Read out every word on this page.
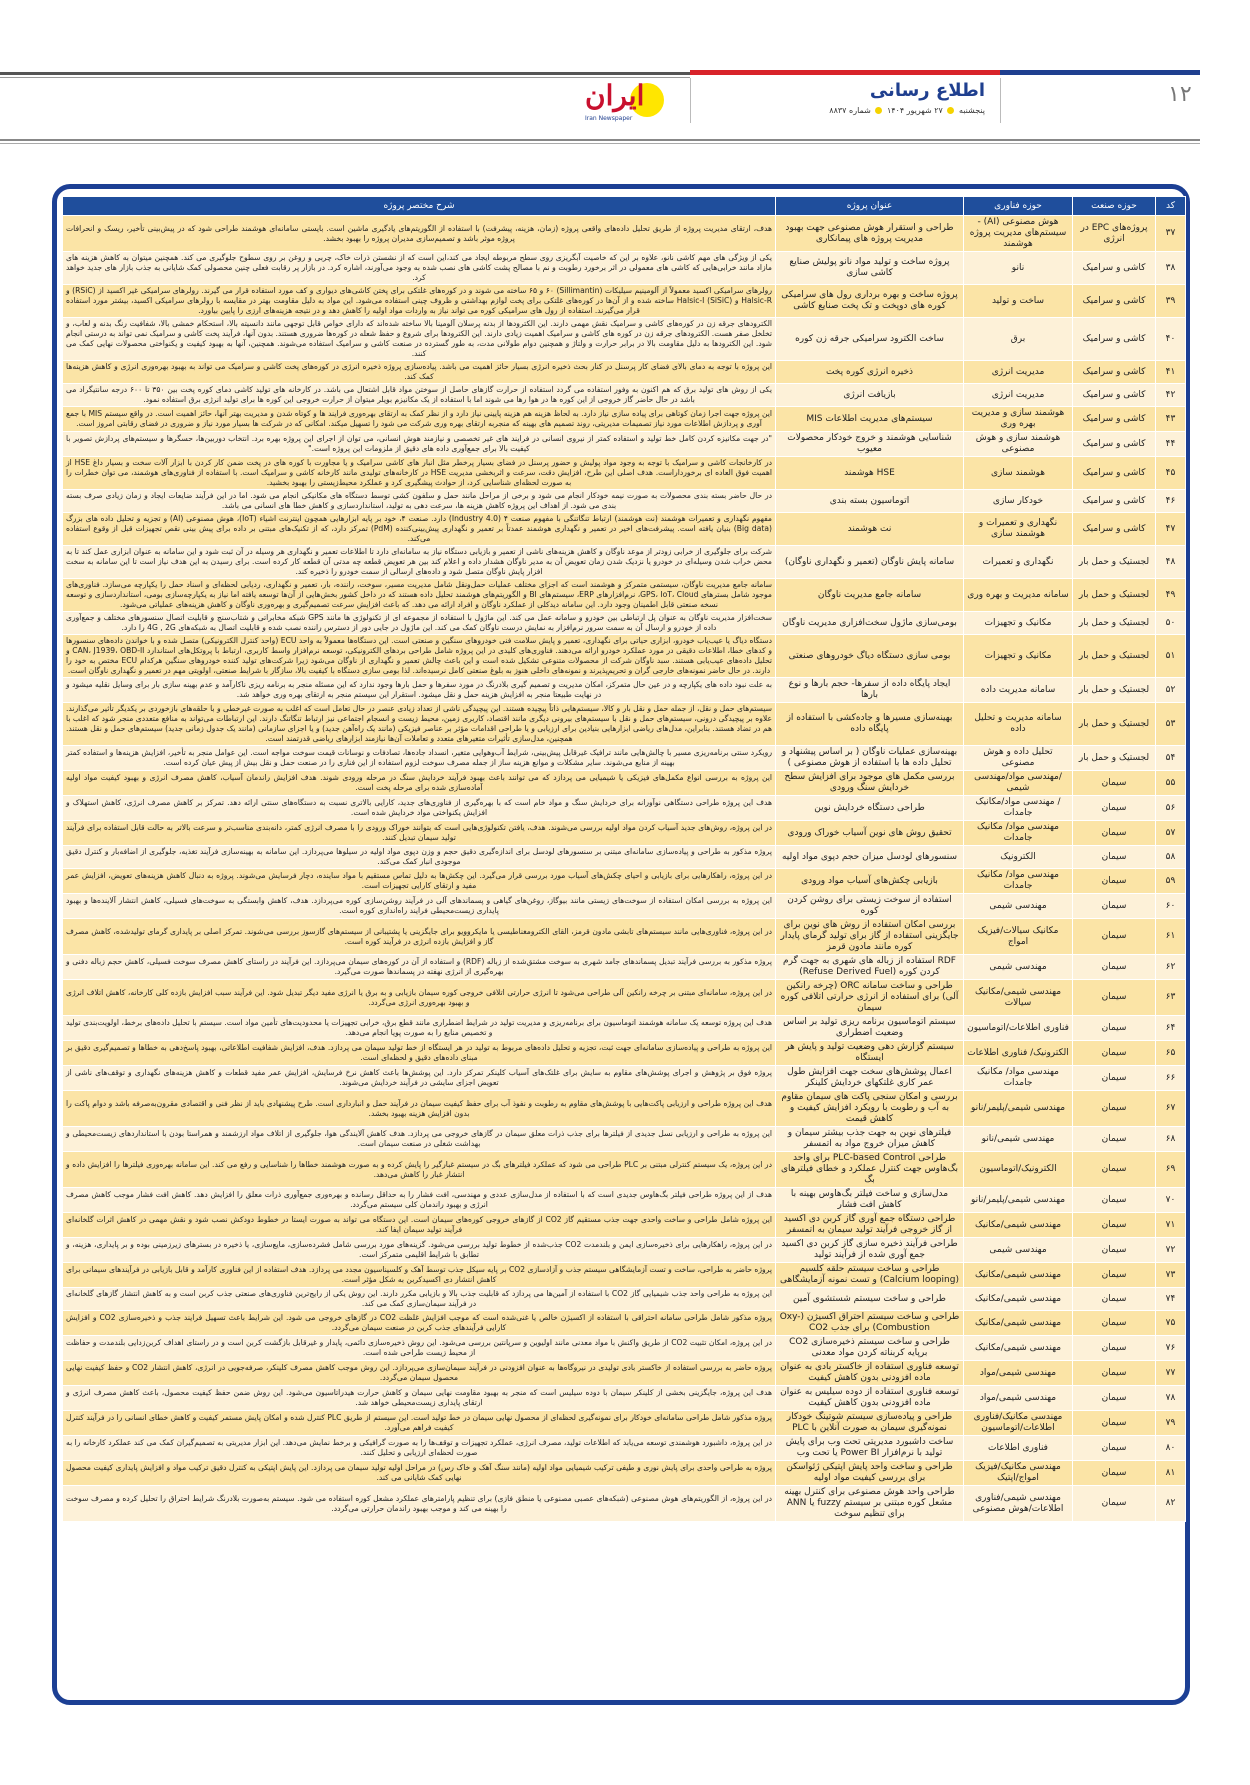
۱۲
اطلاع رسانی
پنجشنبه  ۲۷ شهریور ۱۴۰۴  شماره ۸۸۳۷
ایران
Iran Newspaper
کد	حوزه صنعت	حوزه فناوری	عنوان پروژه	شرح مختصر پروژه
۳۷	پروژه‌های EPC در انرژی	هوش مصنوعی (AI) - سیستم‌های مدیریت پروژه هوشمند	طراحی و استقرار هوش مصنوعی جهت بهبود مدیریت پروژه های پیمانکاری	هدف، ارتقای مدیریت پروژه از طریق تحلیل داده‌های واقعی پروژه (زمان، هزینه، پیشرفت) با استفاده از الگوریتم‌های یادگیری ماشین است. بایستی سامانه‌ای هوشمند طراحی شود که در پیش‌بینی تأخیر، ریسک و انحرافات پروژه موثر باشد و تصمیم‌سازی مدیران پروژه را بهبود بخشد.
۳۸	کاشی و سرامیک	نانو	پروژه ساخت و تولید مواد نانو پولیش صنایع کاشی سازی	یکی از ویژگی های مهم کاشی نانو، علاوه بر این که خاصیت آبگریزی روی سطح مربوطه ایجاد می کند،این است که از نشستن ذرات خاک، چربی و روغن بر روی سطوح جلوگیری می کند. همچنین میتوان به کاهش هزینه های مازاد مانند خرابی‌هایی که کاشی های معمولی در اثر برخورد رطوبت و نم با مصالح پشت کاشی های نصب شده به وجود می‌آورند، اشاره کرد. در بازار پر رقابت فعلی چنین محصولی کمک شایانی به جذب بازار های جدید خواهد کرد.
۳۹	کاشی و سرامیک	ساخت و تولید	پروژه ساخت و بهره برداری رول های سرامیکی کوره های دوپخت و تک پخت صنایع کاشی	رولرهای سرامیکی اکسید معمولاً از آلومینیم سیلیکات (Sillimantin) ۶۰ و ۶۵ ساخته می شوند و در کوره‌های غلتکی برای پختن کاشی‌های دیواری و کف مورد استفاده قرار می گیرند. رولرهای سرامیکی غیر اکسید از (RSiC) و Halsic-R و (SiSiC) Halsic-I ساخته شده و از آن‌ها در کوره‌های غلتکی برای پخت لوازم بهداشتی و ظروف چینی استفاده می‌شود. این مواد به دلیل مقاومت بهتر در مقایسه با رولرهای سرامیکی اکسید، بیشتر مورد استفاده قرار می‌گیرند. استفاده از رول های سرامیکی کوره می تواند نیاز به واردات مواد اولیه را کاهش دهد و در نتیجه هزینه‌های ارزی را پایین بیاورد.
۴۰	کاشی و سرامیک	برق	ساخت الکترود سرامیکی جرقه زن کوره	الکترودهای جرقه زن در کوره‌های کاشی و سرامیک نقش مهمی دارند. این الکترودها از بدنه پرسلان آلومینا بالا ساخته شده‌اند که دارای خواص قابل توجهی مانند دانسیته بالا، استحکام خمشی بالا، شفافیت رنگ بدنه و لعاب، و تخلخل صفر هست. الکترودهای جرقه زن در کوره های کاشی و سرامیک اهمیت زیادی دارند. این الکترودها برای شروع و حفظ شعله در کوره‌ها ضروری هستند. بدون آنها، فرآیند پخت کاشی و سرامیک نمی تواند به درستی انجام شود. این الکترودها به دلیل مقاومت بالا در برابر حرارت و ولتاژ و همچنین دوام طولانی مدت، به طور گسترده در صنعت کاشی و سرامیک استفاده می‌شوند. همچنین، آنها به بهبود کیفیت و یکنواختی محصولات نهایی کمک می کنند.
۴۱	کاشی و سرامیک	مدیریت انرژی	ذخیره انرژی کوره پخت	این پروژه با توجه به دمای بالای فضای کار پرسنل در کنار بحث ذخیره انرژی بسیار حائز اهمیت می باشد. پیاده‌سازی پروژه ذخیره انرژی در کوره‌های پخت کاشی و سرامیک می تواند به بهبود بهره‌وری انرژی و کاهش هزینه‌ها کمک کند.
۴۲	کاشی و سرامیک	مدیریت انرژی	بازیافت انرژی	یکی از روش های تولید برق که هم اکنون به وفور استفاده می گردد استفاده از حرارت گازهای حاصل از سوختن مواد قابل اشتعال می باشد. در کارخانه های تولید کاشی دمای کوره پخت بین ۳۵۰ تا ۶۰۰ درجه سانتیگراد می باشد در حال حاضر گاز خروجی از این کوره ها در هوا رها می شوند اما با استفاده از یک مکانیزم بویلر میتوان از حرارت خروجی این کوره ها برای تولید انرژی برق استفاده نمود.
۴۳	کاشی و سرامیک	هوشمند سازی و مدیریت بهره وری	سیستم‌های مدیریت اطلاعات MIS	این پروژه جهت اجرا زمان کوتاهی برای پیاده سازی نیاز دارد. به لحاظ هزینه هم هزینه پایینی نیاز دارد و از نظر کمک به ارتقای بهره‌وری فرایند ها و کوتاه شدن و مدیریت بهتر آنها، حائز اهمیت است. در واقع سیستم MIS با جمع آوری و پردازش اطلاعات مورد نیاز تصمیمات مدیریتی، روند تصمیم های بهینه که منجربه ارتقای بهره وری شرکت می شود را تسهیل میکند. امکانی که در شرکت ها بسیار مورد نیاز و ضروری در فضای رقابتی امروز است.
۴۴	کاشی و سرامیک	هوشمند سازی و هوش مصنوعی	شناسایی هوشمند و خروج خودکار محصولات معیوب	"در جهت مکانیزه کردن کامل خط تولید و استفاده کمتر از نیروی انسانی در فرایند های غیر تخصصی و نیازمند هوش انسانی، می توان از اجرای این پروژه بهره برد. انتخاب دوربین‌ها، حسگرها و سیستم‌های پردازش تصویر با کیفیت بالا برای جمع‌آوری داده های دقیق از ملزومات این پروژه است."
۴۵	کاشی و سرامیک	هوشمند سازی	HSE هوشمند	در کارخانجات کاشی و سرامیک با توجه به وجود مواد پولیش و حضور پرسنل در فضای بسیار پرخطر مثل انبار های کاشی سرامیک و یا مجاورت با کوره های در پخت ضمن کار کردن با ابزار آلات سخت و بسیار داغ HSE از اهمیت فوق العاده ای برخورداراست. هدف اصلی این طرح، افزایش دقت، سرعت و اثربخشی مدیریت HSE در کارخانه‌های تولیدی مانند کارخانه کاشی و سرامیک است. با استفاده از فناوری‌های هوشمند، می توان خطرات را به صورت لحظه‌ای شناسایی کرد، از حوادث پیشگیری کرد و عملکرد محیط‌زیستی را بهبود بخشید.
۴۶	کاشی و سرامیک	خودکار سازی	اتوماسیون بسته بندی	در حال حاضر بسته بندی محصولات به صورت نیمه خودکار انجام می شود و برخی از مراحل مانند حمل و سلفون کشی توسط دستگاه های مکانیکی انجام می شود. اما در این فرآیند ضایعات ایجاد و زمان زیادی صرف بسته بندی می شود. از اهداف این پروژه کاهش هزینه ها، سرعت دهی به تولید، استانداردسازی و کاهش خطا های انسانی می باشد.
۴۷	کاشی و سرامیک	نگهداری و تعمیرات و هوشمند سازی	نت هوشمند	مفهوم نگهداری و تعمیرات هوشمند (نت هوشمند) ارتباط تنگاتنگی با مفهوم صنعت ۴ (Industry 4.0) دارد. صنعت ۴، خود بر پایه ابزارهایی همچون اینترنت اشیاء (IoT)، هوش مصنوعی (AI) و تجزیه و تحلیل داده های بزرگ (Big data) بنیان یافته است. پیشرفت‌های اخیر در تعمیر و نگهداری هوشمند عمدتاً بر تعمیر و نگهداری پیش‌بینی‌کننده (PdM) تمرکز دارد، که از تکنیک‌های مبتنی بر داده برای پیش بینی نقص تجهیزات قبل از وقوع استفاده می‌کند.
۴۸	لجستیک و حمل بار	نگهداری و تعمیرات	سامانه پایش ناوگان (تعمیر و نگهداری ناوگان)	شرکت برای جلوگیری از خرابی زودتر از موعد ناوگان و کاهش هزینه‌های ناشی از تعمیر و بازیابی دستگاه نیاز به سامانه‌ای دارد تا اطلاعات تعمیر و نگهداری هر وسیله در آن ثبت شود و این سامانه به عنوان ابزاری عمل کند تا به محض خراب شدن وسیله‌ای در خودرو یا نزدیک شدن زمان تعویض آن به مدیر ناوگان هشدار داده و اعلام کند بین هر تعویض قطعه چه مدتی آن قطعه کار کرده است. برای رسیدن به این هدف نیاز است تا این سامانه به سخت افزار پایش ناوگان متصل شود و داده‌های ارسالی از سمت خودرو را ذخیره کند.
۴۹	لجستیک و حمل بار	سامانه مدیریت و بهره وری	سامانه جامع مدیریت ناوگان	سامانه جامع مدیریت ناوگان، سیستمی متمرکز و هوشمند است که اجزای مختلف عملیات حمل‌ونقل شامل مدیریت مسیر، سوخت، راننده، بار، تعمیر و نگهداری، ردیابی لحظه‌ای و اسناد حمل را یکپارچه می‌سازد. فناوری‌های موجود شامل بسترهای GPS، IoT، Cloud، نرم‌افزارهای ERP، سیستم‌های BI و الگوریتم‌های هوشمند تحلیل داده هستند که در داخل کشور بخش‌هایی از آن‌ها توسعه یافته اما نیاز به یکپارچه‌سازی بومی، استانداردسازی و توسعه نسخه صنعتی قابل اطمینان وجود دارد. این سامانه دیدکلی از عملکرد ناوگان و افراد ارائه می دهد. که باعث افزایش سرعت تصمیم‌گیری و بهره‌وری ناوگان و کاهش هزینه‌های عملیاتی می‌شود.
۵۰	لجستیک و حمل بار	مکانیک و تجهیزات	بومی‌سازی ماژول سخت‌افزاری مدیریت ناوگان	سخت‌افزار مدیریت ناوگان به عنوان پل ارتباطی بین خودرو و سامانه عمل می کند. این ماژول با استفاده از مجموعه ای از تکنولوژی ها مانند GPS شبکه مخابراتی و شتاب‌سنج و قابلیت اتصال سنسورهای مختلف و جمع‌آوری داده از خودرو و ارسال آن به سمت سرور نرم‌افزار به نمایش درست ناوگان کمک می کند. این ماژول در جایی دور از دسترس راننده نصب شده و قابلیت اتصال به شبکه‌های 4G , 2G را دارد.
۵۱	لجستیک و حمل بار	مکانیک و تجهیزات	بومی سازی دستگاه دیاگ خودروهای صنعتی	دستگاه دیاگ یا عیب‌یاب خودرو، ابزاری حیاتی برای نگهداری، تعمیر و پایش سلامت فنی خودروهای سنگین و صنعتی است. این دستگاه‌ها معمولاً به واحد ECU (واحد کنترل الکترونیکی) متصل شده و با خواندن داده‌های سنسورها و کدهای خطا، اطلاعات دقیقی در مورد عملکرد خودرو ارائه می‌دهند. فناوری‌های کلیدی در این پروژه شامل طراحی بردهای الکترونیکی، توسعه نرم‌افزار واسط کاربری، ارتباط با پروتکل‌های استاندارد CAN، J1939، OBD-II و تحلیل داده‌های عیب‌یابی هستند. سبد ناوگان شرکت از محصولات متنوعی تشکیل شده است و این باعث چالش تعمیر و نگهداری از ناوگان می‌شود زیرا شرکت‌های تولید کننده خودروهای سنگین هرکدام ECU مختص به خود را دارند. در حال حاضر نمونه‌های خارجی گران و تحریم‌پذیرند و نمونه‌های داخلی هنوز به بلوغ صنعتی کامل نرسیده‌اند. لذا بومی سازی دستگاه با کیفیت بالا، سازگار با شرایط صنعتی، اولویتی مهم در تعمیر و نگهداری ناوگان است.
۵۲	لجستیک و حمل بار	سامانه مدیریت داده	ایجاد پایگاه داده از سفرها- حجم بارها و نوع بارها	به علت نبود داده های یکپارچه و در عین حال متمرکز، امکان مدیریت و تصمیم گیری بلادرنگ در مورد سفرها و حمل بارها وجود ندارد که این مسئله منجر به برنامه ریزی ناکارآمد و عدم بهینه سازی بار برای وسایل نقلیه میشود و در نهایت طبیعتا منجر به افزایش هزینه حمل و نقل میشود. استقرار این سیستم منجر به ارتقای بهره وری خواهد شد.
۵۳	لجستیک و حمل بار	سامانه مدیریت و تحلیل داده	بهینه‌سازی مسیرها و جاده‌کشی با استفاده از پایگاه داده	سیستم‌های حمل و نقل، از جمله حمل و نقل بار و کالا، سیستم‌هایی ذاتاً پیچیده هستند. این پیچیدگی ناشی از تعداد زیادی عنصر در حال تعامل است که اغلب به صورت غیرخطی و با حلقه‌های بازخوردی بر یکدیگر تأثیر می‌گذارند. علاوه بر پیچیدگی درونی، سیستم‌های حمل و نقل با سیستم‌های بیرونی دیگری مانند اقتصاد، کاربری زمین، محیط زیست و انسجام اجتماعی نیز ارتباط تنگاتنگ دارند. این ارتباطات می‌تواند به منافع متعددی منجر شود که اغلب با هم در تضاد هستند. بنابراین، مدل‌های ریاضی ابزارهایی بنیادین برای ارزیابی و یا طراحی اقدامات مؤثر بر عناصر فیزیکی (مانند یک راه‌آهن جدید) و یا اجزای سازمانی (مانند یک جدول زمانی جدید) سیستم‌های حمل و نقل هستند. همچنین، مدل‌سازی تأثیرات متغیرهای متعدد و تعاملات آن‌ها نیازمند ابزارهای ریاضی قدرتمند است.
۵۴	لجستیک و حمل بار	تحلیل داده و هوش مصنوعی	بهینه‌سازی عملیات ناوگان ( بر اساس پیشنهاد و تحلیل داده ها با استفاده از هوش مصنوعی )	رویکرد سنتی برنامه‌ریزی مسیر با چالش‌هایی مانند ترافیک غیرقابل پیش‌بینی، شرایط آب‌وهوایی متغیر، انسداد جاده‌ها، تصادفات و نوسانات قیمت سوخت مواجه است. این عوامل منجر به تأخیر، افزایش هزینه‌ها و استفاده کمتر بهینه از منابع می‌شوند. سایر مشکلات و موانع هزینه ساز از جمله مصرف سوخت لزوم استفاده از این فناری را در صنعت حمل و نقل بیش از پیش عیان کرده است.
۵۵	سیمان	/مهندسی مواد/مهندسی شیمی	بررسی مکمل های موجود برای افزایش سطح خردایش سنگ ورودی	این پروژه به بررسی انواع مکمل‌های فیزیکی یا شیمیایی می پردازد که می توانند باعث بهبود فرآیند خردایش سنگ در مرحله ورودی شوند. هدف افزایش راندمان آسیاب، کاهش مصرف انرژی و بهبود کیفیت مواد اولیه آماده‌سازی شده برای مرحله پخت است.
۵۶	سیمان	/ مهندسی مواد/مکانیک جامدات	طراحی دستگاه خردایش نوین	هدف این پروژه طراحی دستگاهی نوآورانه برای خردایش سنگ و مواد خام است که با بهره‌گیری از فناوری‌های جدید، کارایی بالاتری نسبت به دستگاه‌های سنتی ارائه دهد. تمرکز بر کاهش مصرف انرژی، کاهش استهلاک و افزایش یکنواختی مواد خردایش شده است.
۵۷	سیمان	مهندسی مواد/ مکانیک جامدات	تحقیق روش های نوین آسیاب خوراک ورودی	در این پروژه، روش‌های جدید آسیاب کردن مواد اولیه بررسی می‌شوند. هدف، یافتن تکنولوژی‌هایی است که بتوانند خوراک ورودی را با مصرف انرژی کمتر، دانه‌بندی مناسب‌تر و سرعت بالاتر به حالت قابل استفاده برای فرآیند تولید سیمان تبدیل کنند.
۵۸	سیمان	الکترونیک	سنسورهای لودسل میزان حجم دپوی مواد اولیه	پروژه مذکور به طراحی و پیاده‌سازی سامانه‌ای مبتنی بر سنسورهای لودسل برای اندازه‌گیری دقیق حجم و وزن دپوی مواد اولیه در سیلوها می‌پردازد. این سامانه به بهینه‌سازی فرآیند تغذیه، جلوگیری از اضافه‌بار و کنترل دقیق موجودی انبار کمک می‌کند.
۵۹	سیمان	مهندسی مواد/ مکانیک جامدات	بازیابی چکش‌های آسیاب مواد ورودی	در این پروژه، راهکارهایی برای بازیابی و احیای چکش‌های آسیاب مورد بررسی قرار می‌گیرد. این چکش‌ها به دلیل تماس مستقیم با مواد ساینده، دچار فرسایش می‌شوند. پروژه به دنبال کاهش هزینه‌های تعویض، افزایش عمر مفید و ارتقای کارایی تجهیزات است.
۶۰	سیمان	مهندسی شیمی	استفاده از سوخت زیستی برای روشن کردن کوره	این پروژه به بررسی امکان استفاده از سوخت‌های زیستی مانند بیوگاز، روغن‌های گیاهی و پسماندهای آلی در فرآیند روشن‌سازی کوره می‌پردازد. هدف، کاهش وابستگی به سوخت‌های فسیلی، کاهش انتشار آلاینده‌ها و بهبود پایداری زیست‌محیطی فرایند راه‌اندازی کوره است.
۶۱	سیمان	مکانیک سیالات/فیزیک امواج	بررسی امکان استفاده از روش های نوین برای جایگزینی استفاده از گاز برای تولید گرمای پایدار کوره مانند مادون قرمز	در این پروژه، فناوری‌هایی مانند سیستم‌های تابشی مادون قرمز، القای الکترومغناطیسی یا مایکروویو برای جایگزینی یا پشتیبانی از سیستم‌های گازسوز بررسی می‌شوند. تمرکز اصلی بر پایداری گرمای تولیدشده، کاهش مصرف گاز و افزایش بازده انرژی در فرآیند کوره است.
۶۲	سیمان	مهندسی شیمی	RDF استفاده از زباله های شهری به جهت گرم کردن کوره (Refuse Derived Fuel)	پروژه مذکور به بررسی فرآیند تبدیل پسماندهای جامد شهری به سوخت مشتق‌شده از زباله (RDF) و استفاده از آن در کوره‌های سیمان می‌پردازد. این فرآیند در راستای کاهش مصرف سوخت فسیلی، کاهش حجم زباله دفنی و بهره‌گیری از انرژی نهفته در پسماندها صورت می‌گیرد.
۶۳	سیمان	مهندسی شیمی/مکانیک سیالات	طراحی و ساخت سامانه ORC (چرخه رانکین آلی) برای استفاده از انرژی حرارتی اتلافی کوره سیمان	در این پروژه، سامانه‌ای مبتنی بر چرخه رانکین آلی طراحی می‌شود تا انرژی حرارتی اتلافی خروجی کوره سیمان بازیابی و به برق یا انرژی مفید دیگر تبدیل شود. این فرآیند سبب افزایش بازده کلی کارخانه، کاهش اتلاف انرژی و بهبود بهره‌وری انرژی می‌گردد.
۶۴	سیمان	فناوری اطلاعات/اتوماسیون	سیستم اتوماسیون برنامه ریزی تولید بر اساس وضعیت اضطراری	هدف این پروژه توسعه یک سامانه هوشمند اتوماسیون برای برنامه‌ریزی و مدیریت تولید در شرایط اضطراری مانند قطع برق، خرابی تجهیزات یا محدودیت‌های تأمین مواد است. سیستم با تحلیل داده‌های برخط، اولویت‌بندی تولید و تخصیص منابع را به صورت پویا انجام می‌دهد.
۶۵	سیمان	الکترونیک/ فناوری اطلاعات	سیستم گزارش دهی وضعیت تولید و پایش هر ایستگاه	این پروژه به طراحی و پیاده‌سازی سامانه‌ای جهت ثبت، تجزیه و تحلیل داده‌های مربوط به تولید در هر ایستگاه از خط تولید سیمان می پردازد. هدف، افزایش شفافیت اطلاعاتی، بهبود پاسخ‌دهی به خطاها و تصمیم‌گیری دقیق بر مبنای داده‌های دقیق و لحظه‌ای است.
۶۶	سیمان	مهندسی مواد/ مکانیک جامدات	اعمال پوشش‌های سخت جهت افزایش طول عمر کاری غلتکهای خردایش کلینکر	پروژه فوق بر پژوهش و اجرای پوشش‌های مقاوم به سایش برای غلتک‌های آسیاب کلینکر تمرکز دارد. این پوشش‌ها باعث کاهش نرخ فرسایش، افزایش عمر مفید قطعات و کاهش هزینه‌های نگهداری و توقف‌های ناشی از تعویض اجزای سایشی در فرآیند خردایش می‌شوند.
۶۷	سیمان	مهندسی شیمی/پلیمر/نانو	بررسی و امکان سنجی پاکت های سیمان مقاوم به آب و رطوبت با رویکرد افزایش کیفیت و کاهش قیمت	هدف این پروژه طراحی و ارزیابی پاکت‌هایی با پوشش‌های مقاوم به رطوبت و نفوذ آب برای حفظ کیفیت سیمان در فرآیند حمل و انبارداری است. طرح پیشنهادی باید از نظر فنی و اقتصادی مقرون‌به‌صرفه باشد و دوام پاکت را بدون افزایش هزینه بهبود بخشد.
۶۸	سیمان	مهندسی شیمی/نانو	فیلترهای نوین به جهت جذب بیشتر سیمان و کاهش میزان خروج مواد به اتمسفر	این پروژه به طراحی و ارزیابی نسل جدیدی از فیلترها برای جذب ذرات معلق سیمان در گازهای خروجی می پردازد. هدف کاهش آلایندگی هوا، جلوگیری از اتلاف مواد ارزشمند و همراستا بودن با استانداردهای زیست‌محیطی و بهداشت شغلی در صنعت سیمان است.
۶۹	سیمان	الکترونیک/اتوماسیون	طراحی PLC-based Control برای واحد بگ‌هاوس جهت کنترل عملکرد و خطای فیلترهای بگ	در این پروژه، یک سیستم کنترلی مبتنی بر PLC طراحی می شود که عملکرد فیلترهای بگ در سیستم غبارگیر را پایش کرده و به صورت هوشمند خطاها را شناسایی و رفع می کند. این سامانه بهره‌وری فیلترها را افزایش داده و انتشار غبار را کاهش می‌دهد.
۷۰	سیمان	مهندسی شیمی/پلیمر/نانو	مدل‌سازی و ساخت فیلتر بگ‌هاوس بهینه با کاهش افت فشار	هدف از این پروژه طراحی فیلتر بگ‌هاوس جدیدی است که با استفاده از مدل‌سازی عددی و مهندسی، افت فشار را به حداقل رسانده و بهره‌وری جمع‌آوری ذرات معلق را افزایش دهد. کاهش افت فشار موجب کاهش مصرف انرژی و بهبود راندمان کلی سیستم می‌گردد.
۷۱	سیمان	مهندسی شیمی/مکانیک	طراحی دستگاه جمع آوری گاز کربن دی اکسید از گاز خروجی فرآیند تولید سیمان به اتمسفر	این پروژه شامل طراحی و ساخت واحدی جهت جذب مستقیم گاز CO2 از گازهای خروجی کوره‌های سیمان است. این دستگاه می تواند به صورت ایستا در خطوط دودکش نصب شود و نقش مهمی در کاهش اثرات گلخانه‌ای فرآیند تولید سیمان ایفا کند.
۷۲	سیمان	مهندسی شیمی	طراحی فرآیند ذخیره سازی گاز کربن دی اکسید جمع آوری شده از فرآیند تولید	در این پروژه، راهکارهایی برای ذخیره‌سازی ایمن و بلندمدت CO2 جذب‌شده از خطوط تولید بررسی می‌شود. گزینه‌های مورد بررسی شامل فشرده‌سازی، مایع‌سازی، یا ذخیره در بسترهای زیرزمینی بوده و بر پایداری، هزینه، و تطابق با شرایط اقلیمی متمرکز است.
۷۳	سیمان	مهندسی شیمی/مکانیک	طراحی و ساخت سیستم حلقه کلسیم (Calcium looping) و تست نمونه آزمایشگاهی	پروژه حاضر به طراحی، ساخت و تست آزمایشگاهی سیستم جذب و آزادسازی CO2 بر پایه سیکل جذب توسط آهک و کلسیناسیون مجدد می پردازد. هدف استفاده از این فناوری کارآمد و قابل بازیابی در فرآیندهای سیمانی برای کاهش انتشار دی اکسیدکربن به شکل مؤثر است.
۷۴	سیمان	مهندسی شیمی/مکانیک	طراحی و ساخت سیستم شستشوی آمین	این پروژه به طراحی واحد جذب شیمیایی گاز CO2 با استفاده از آمین‌ها می پردازد که قابلیت جذب بالا و بازیابی مکرر دارند. این روش یکی از رایج‌ترین فناوری‌های صنعتی جذب کربن است و به کاهش انتشار گازهای گلخانه‌ای در فرآیند سیمان‌سازی کمک می کند.
۷۵	سیمان	مهندسی شیمی/مکانیک	طراحی و ساخت سیستم احتراق اکسیژن (Oxy-Combustion) برای جذب CO2	پروژه مذکور شامل طراحی سامانه احتراقی با استفاده از اکسیژن خالص یا غنی‌شده است که موجب افزایش غلظت CO2 در گازهای خروجی می شود. این شرایط باعث تسهیل فرایند جذب و ذخیره‌سازی CO2 و افزایش کارایی فرآیندهای جذب کربن در صنعت سیمان می‌گردد.
۷۶	سیمان	مهندسی شیمی/مکانیک	طراحی و ساخت سیستم ذخیره‌سازی CO2 برپایه کربناته کردن مواد معدنی	در این پروژه، امکان تثبیت CO2 از طریق واکنش با مواد معدنی مانند اولیوین و سرپانتین بررسی می‌شود. این روش ذخیره‌سازی دائمی، پایدار و غیرقابل بازگشت کربن است و در راستای اهداف کربن‌زدایی بلندمدت و حفاظت از محیط زیست طراحی شده است.
۷۷	سیمان	مهندسی شیمی/مواد	توسعه فناوری استفاده از خاکستر بادی به عنوان ماده افزودنی بدون کاهش کیفیت	پروژه حاضر به بررسی استفاده از خاکستر بادی تولیدی در نیروگاه‌ها به عنوان افزودنی در فرآیند سیمان‌سازی می‌پردازد. این روش موجب کاهش مصرف کلینکر، صرفه‌جویی در انرژی، کاهش انتشار CO2 و حفظ کیفیت نهایی محصول سیمان می‌گردد.
۷۸	سیمان	مهندسی شیمی/مواد	توسعه فناوری استفاده از دوده سیلیس به عنوان ماده افزودنی بدون کاهش کیفیت	هدف این پروژه، جایگزینی بخشی از کلینکر سیمان با دوده سیلیس است که منجر به بهبود مقاومت نهایی سیمان و کاهش حرارت هیدراتاسیون می‌شود. این روش ضمن حفظ کیفیت محصول، باعث کاهش مصرف انرژی و ارتقای پایداری زیست‌محیطی خواهد شد.
۷۹	سیمان	مهندسی مکانیک/فناوری اطلاعات/اتوماسیون	طراحی و پیاده‌سازی سیستم شوتینگ خودکار نمونه‌گیری سیمان به صورت آنلاین با PLC	پروژه مذکور شامل طراحی سامانه‌ای خودکار برای نمونه‌گیری لحظه‌ای از محصول نهایی سیمان در خط تولید است. این سیستم از طریق PLC کنترل شده و امکان پایش مستمر کیفیت و کاهش خطای انسانی را در فرآیند کنترل کیفیت فراهم می‌آورد.
۸۰	سیمان	فناوری اطلاعات	ساخت داشبورد مدیریتی تحت وب برای پایش تولید با نرم‌افزار Power BI یا تحت وب	در این پروژه، داشبورد هوشمندی توسعه می‌یابد که اطلاعات تولید، مصرف انرژی، عملکرد تجهیزات و توقف‌ها را به صورت گرافیکی و برخط نمایش می‌دهد. این ابزار مدیریتی به تصمیم‌گیران کمک می کند عملکرد کارخانه را به صورت لحظه‌ای ارزیابی و تحلیل کنند.
۸۱	سیمان	مهندسی مکانیک/فیزیک امواج/اپتیک	طراحی و ساخت واحد پایش اپتیکی ژئواسکن برای بررسی کیفیت مواد اولیه	پروژه به طراحی واحدی برای پایش نوری و طیفی ترکیب شیمیایی مواد اولیه (مانند سنگ آهک و خاک رس) در مراحل اولیه تولید سیمان می پردازد. این پایش اپتیکی به کنترل دقیق ترکیب مواد و افزایش پایداری کیفیت محصول نهایی کمک شایانی می کند.
۸۲	سیمان	مهندسی شیمی/فناوری اطلاعات/هوش مصنوعی	طراحی واحد هوش مصنوعی برای کنترل بهینه مشعل کوره مبتنی بر سیستم fuzzy یا ANN برای تنظیم سوخت	در این پروژه، از الگوریتم‌های هوش مصنوعی (شبکه‌های عصبی مصنوعی یا منطق فازی) برای تنظیم پارامترهای عملکرد مشعل کوره استفاده می شود. سیستم به‌صورت بلادرنگ شرایط احتراق را تحلیل کرده و مصرف سوخت را بهینه می کند و موجب بهبود راندمان حرارتی می‌گردد.
